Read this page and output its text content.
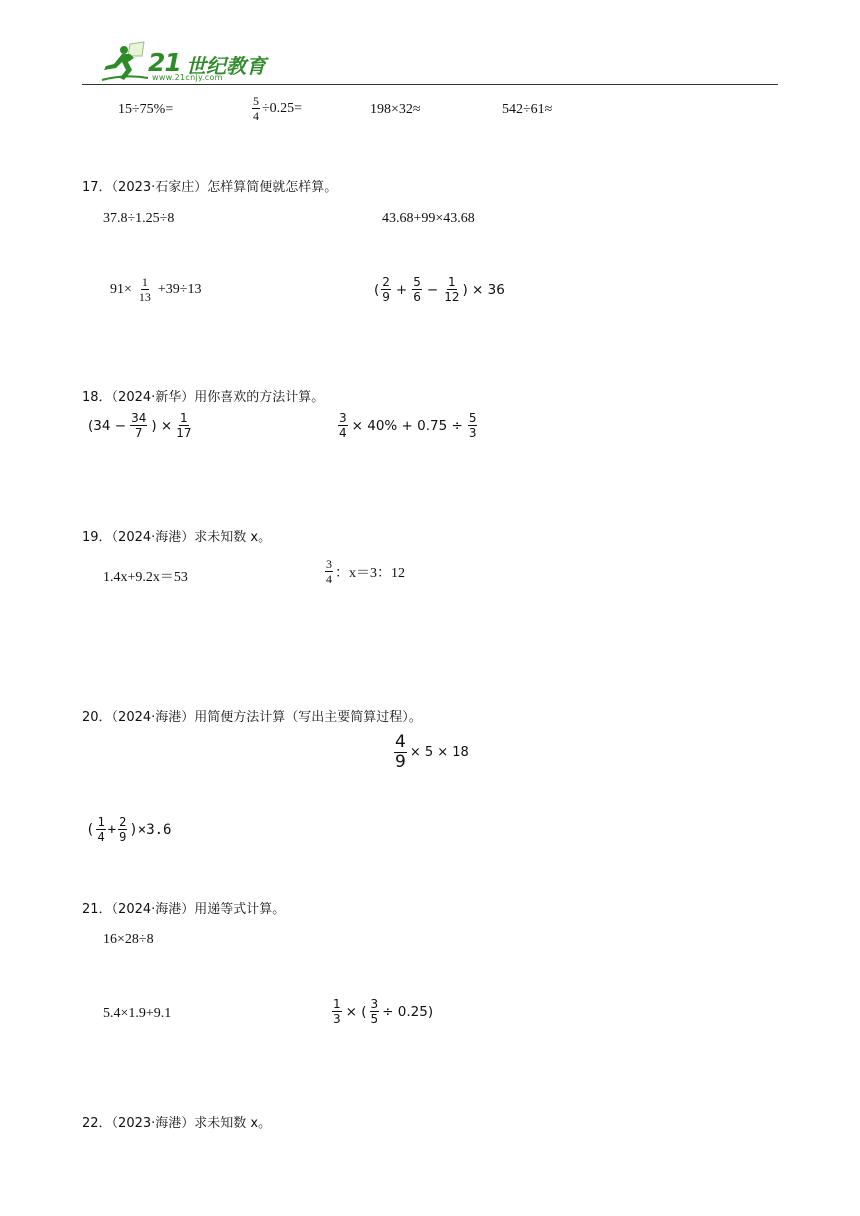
21 世纪教育
www.21cnjy.com
15÷75%=	$\frac{5}{4} \div 0.25=$	198×32≈	542÷61≈
17．（2023·石家庄）怎样算简便就怎样算。
37.8÷1.25÷8	43.68+99×43.68
$91\times \frac{1}{13} +39\div 13$	( $\frac{2}{9} + \frac{5}{6} - \frac{1}{12}$ ) × 36
18．（2024·新华）用你喜欢的方法计算。
($34 - \frac{34}{7}$ ) × $\frac{1}{17}$	$\frac{3}{4} \times 40\% + 0.75 \div \frac{5}{3}$
19．（2024·海港）求未知数 x。
1.4x+9.2x＝53	$\frac{3}{4}$ ：x＝3：12
20．（2024·海港）用简便方法计算（写出主要简算过程）。
$\frac{4}{9} \times 5 \times 18$
( $\frac{1}{4} + \frac{2}{9} )\times 3.6$
21．（2024·海港）用递等式计算。
16×28÷8
5.4×1.9+9.1	$\frac{1}{3}$ × ( $\frac{3}{5} \div 0.25$)
22．（2023·海港）求未知数 x。
